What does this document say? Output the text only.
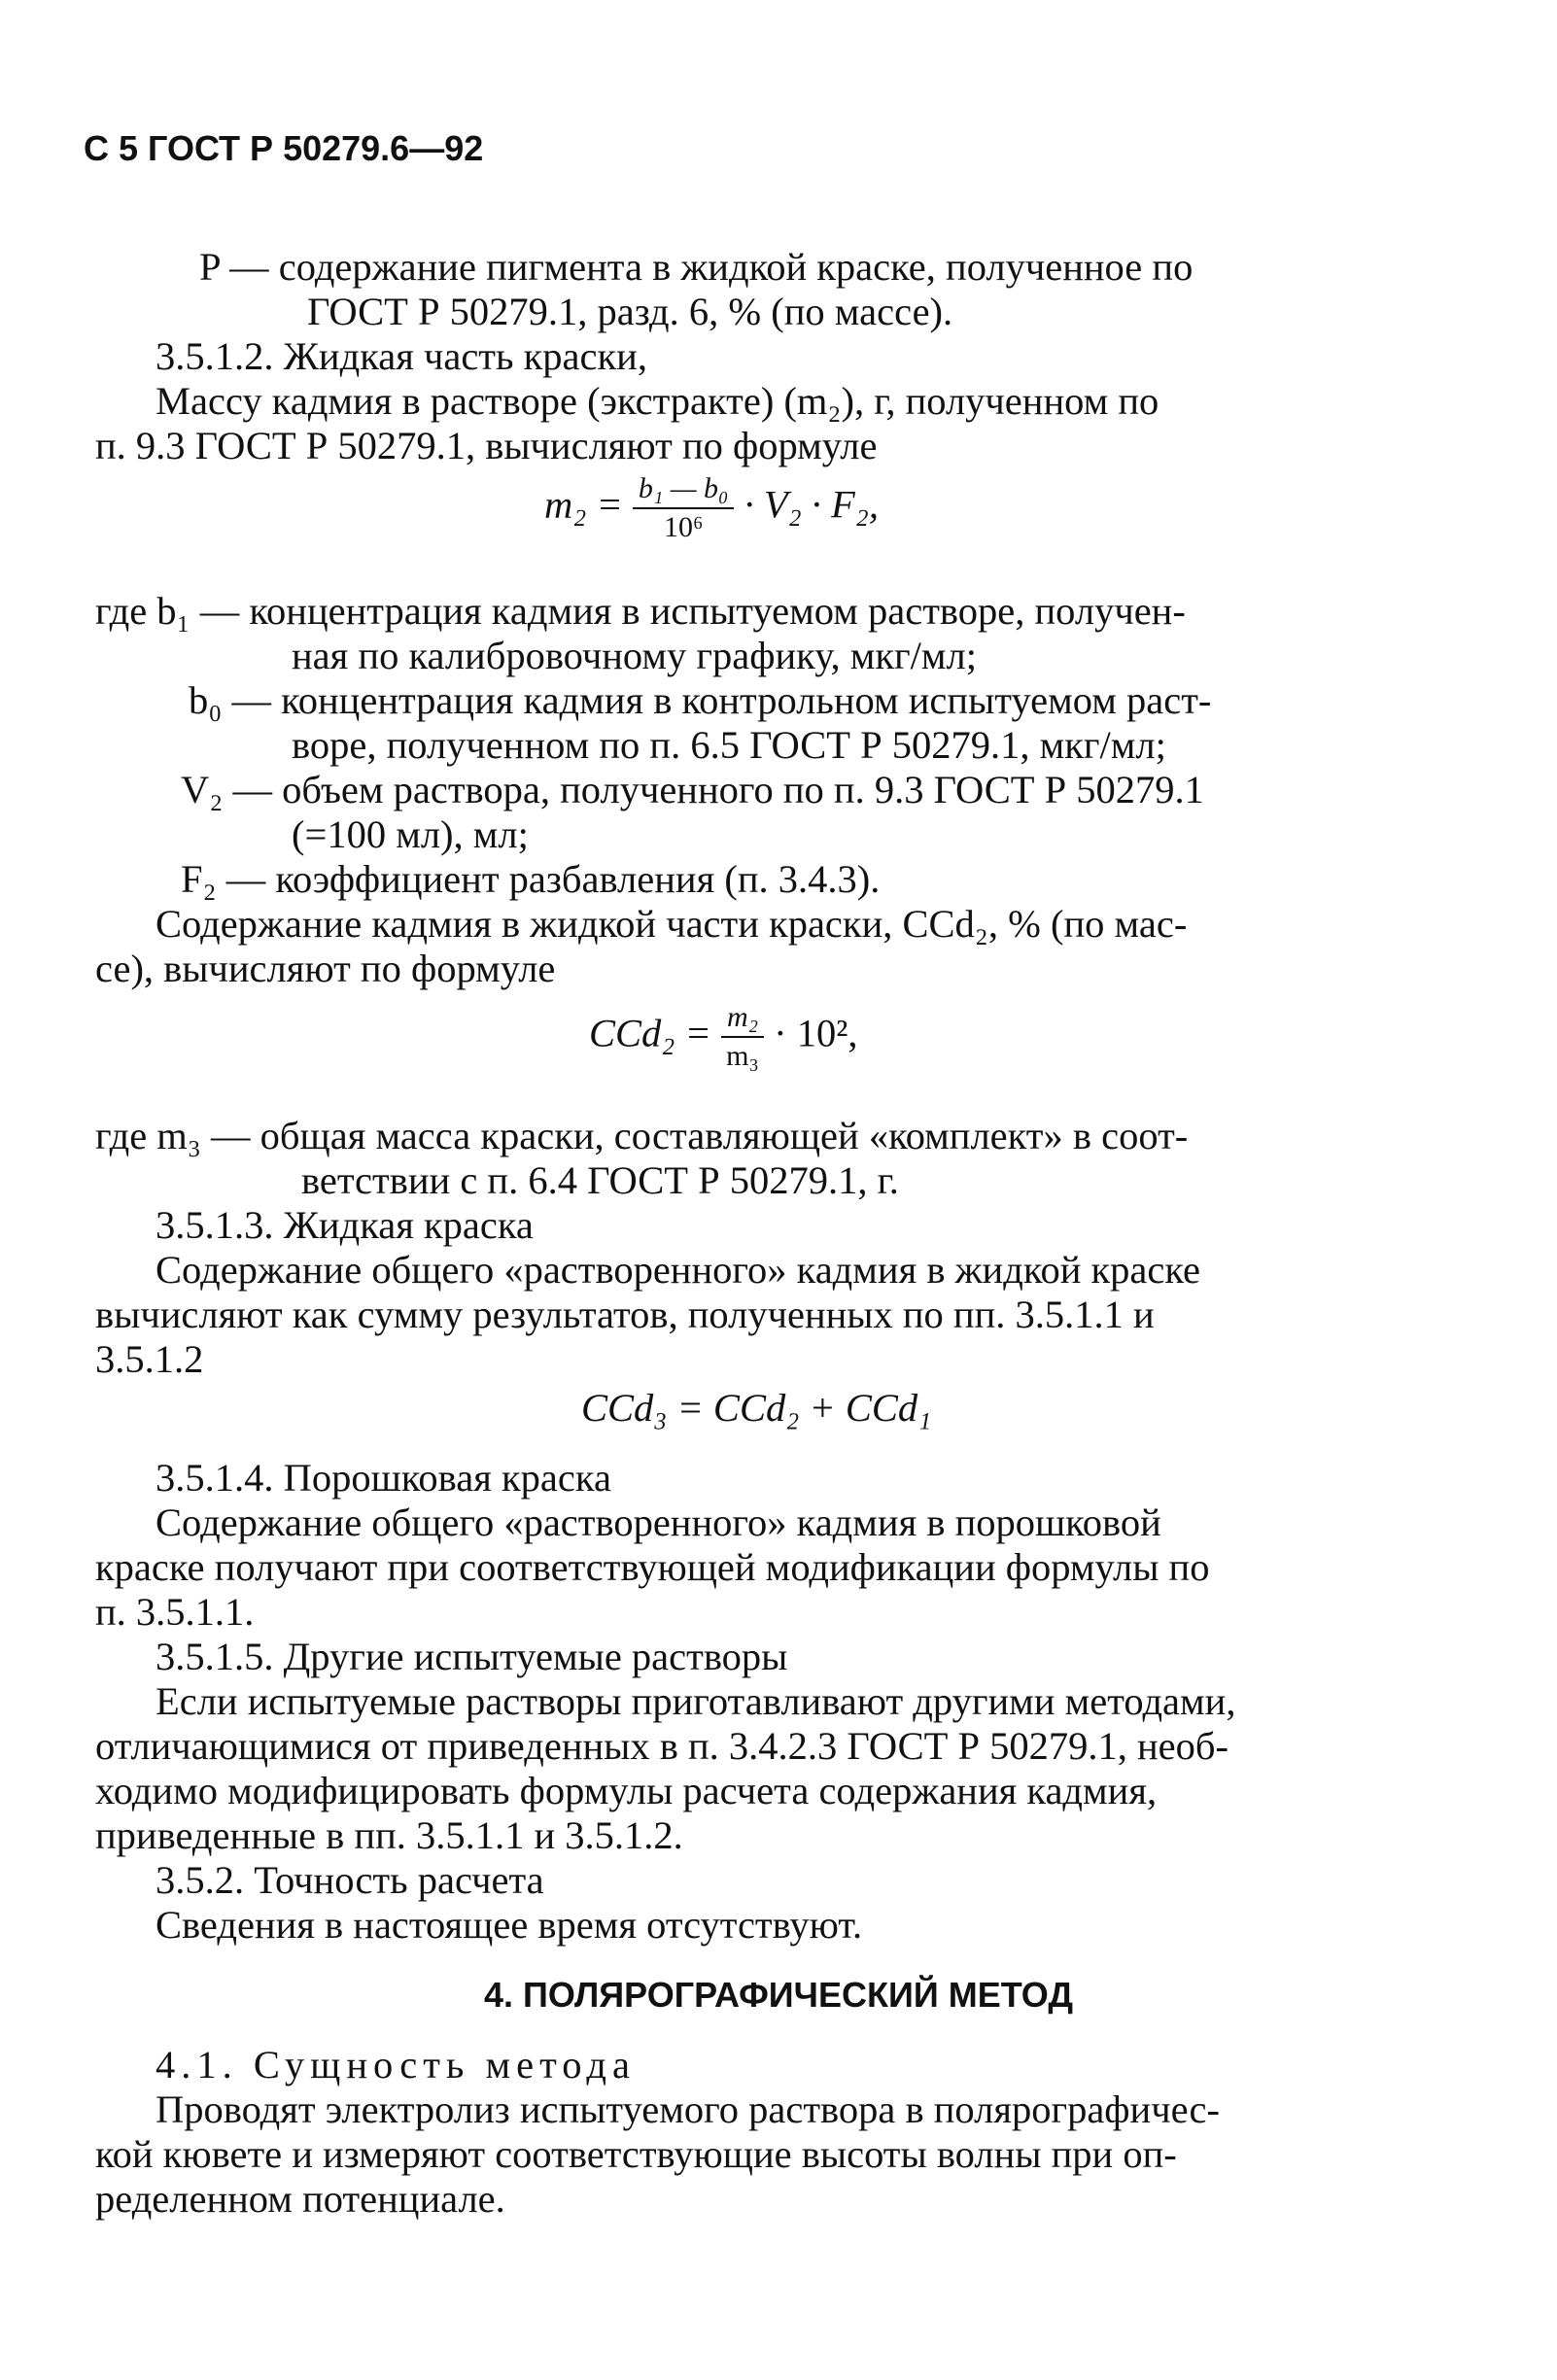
С 5 ГОСТ Р 50279.6—92
P — содержание пигмента в жидкой краске, полученное по
ГОСТ Р 50279.1, разд. 6, % (по массе).
3.5.1.2. Жидкая часть краски,
Массу кадмия в растворе (экстракте) (m₂), г, полученном по
п. 9.3 ГОСТ Р 50279.1, вычисляют по формуле
$m_2 = \frac{\text{b₁ — b₀}}{\text{10⁶}} \cdot V_2 \cdot F_2$,
где b₁ — концентрация кадмия в испытуемом растворе, получен-
ная по калибровочному графику, мкг/мл;
b₀ — концентрация кадмия в контрольном испытуемом раст-
воре, полученном по п. 6.5 ГОСТ Р 50279.1, мкг/мл;
V₂ — объем раствора, полученного по п. 9.3 ГОСТ Р 50279.1
(=100 мл), мл;
F₂ — коэффициент разбавления (п. 3.4.3).
Содержание кадмия в жидкой части краски, CCd₂, % (по мас-
се), вычисляют по формуле
$CCd_2 = \frac{\text{m₂}}{\text{m₃}} \cdot 10^2$,
где m₃ — общая масса краски, составляющей «комплект» в соот-
ветствии с п. 6.4 ГОСТ Р 50279.1, г.
3.5.1.3. Жидкая краска
Содержание общего «растворенного» кадмия в жидкой краске
вычисляют как сумму результатов, полученных по пп. 3.5.1.1 и
3.5.1.2
CCd₃ = CCd₂ + CCd₁
3.5.1.4. Порошковая краска
Содержание общего «растворенного» кадмия в порошковой
краске получают при соответствующей модификации формулы по
п. 3.5.1.1.
3.5.1.5. Другие испытуемые растворы
Если испытуемые растворы приготавливают другими методами,
отличающимися от приведенных в п. 3.4.2.3 ГОСТ Р 50279.1, необ-
ходимо модифицировать формулы расчета содержания кадмия,
приведенные в пп. 3.5.1.1 и 3.5.1.2.
3.5.2. Точность расчета
Сведения в настоящее время отсутствуют.
4. ПОЛЯРОГРАФИЧЕСКИЙ МЕТОД
4.1. Сущность метода
Проводят электролиз испытуемого раствора в полярографичес-
кой кювете и измеряют соответствующие высоты волны при оп-
ределенном потенциале.
